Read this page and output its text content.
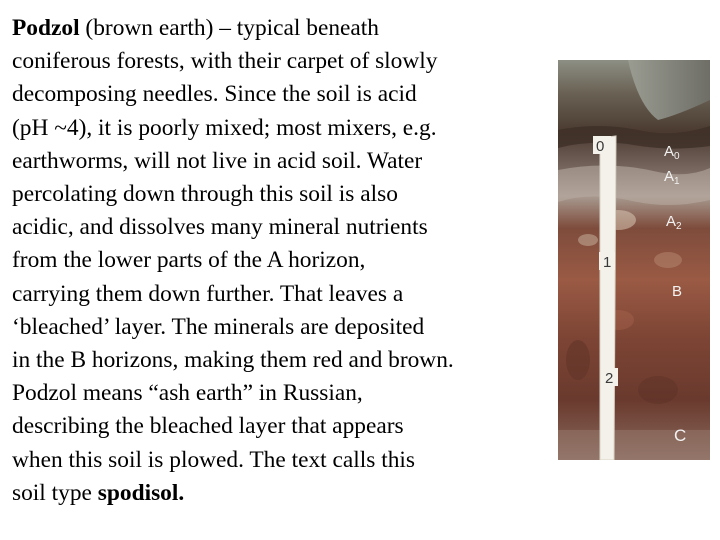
Podzol (brown earth) – typical beneath
coniferous forests, with their carpet of slowly
decomposing needles. Since the soil is acid
(pH ~4), it is poorly mixed; most mixers, e.g.
earthworms, will not live in acid soil. Water
percolating down through this soil is also
acidic, and dissolves many mineral nutrients
from the lower parts of the A horizon,
carrying them down further. That leaves a
‘bleached’ layer. The minerals are deposited
in the B horizons, making them red and brown.
Podzol means “ash earth” in Russian,
describing the bleached layer that appears
when this soil is plowed. The text calls this
soil type spodisol.

0
1
2
$A_0$
$A_1$
$A_2$
B
C
